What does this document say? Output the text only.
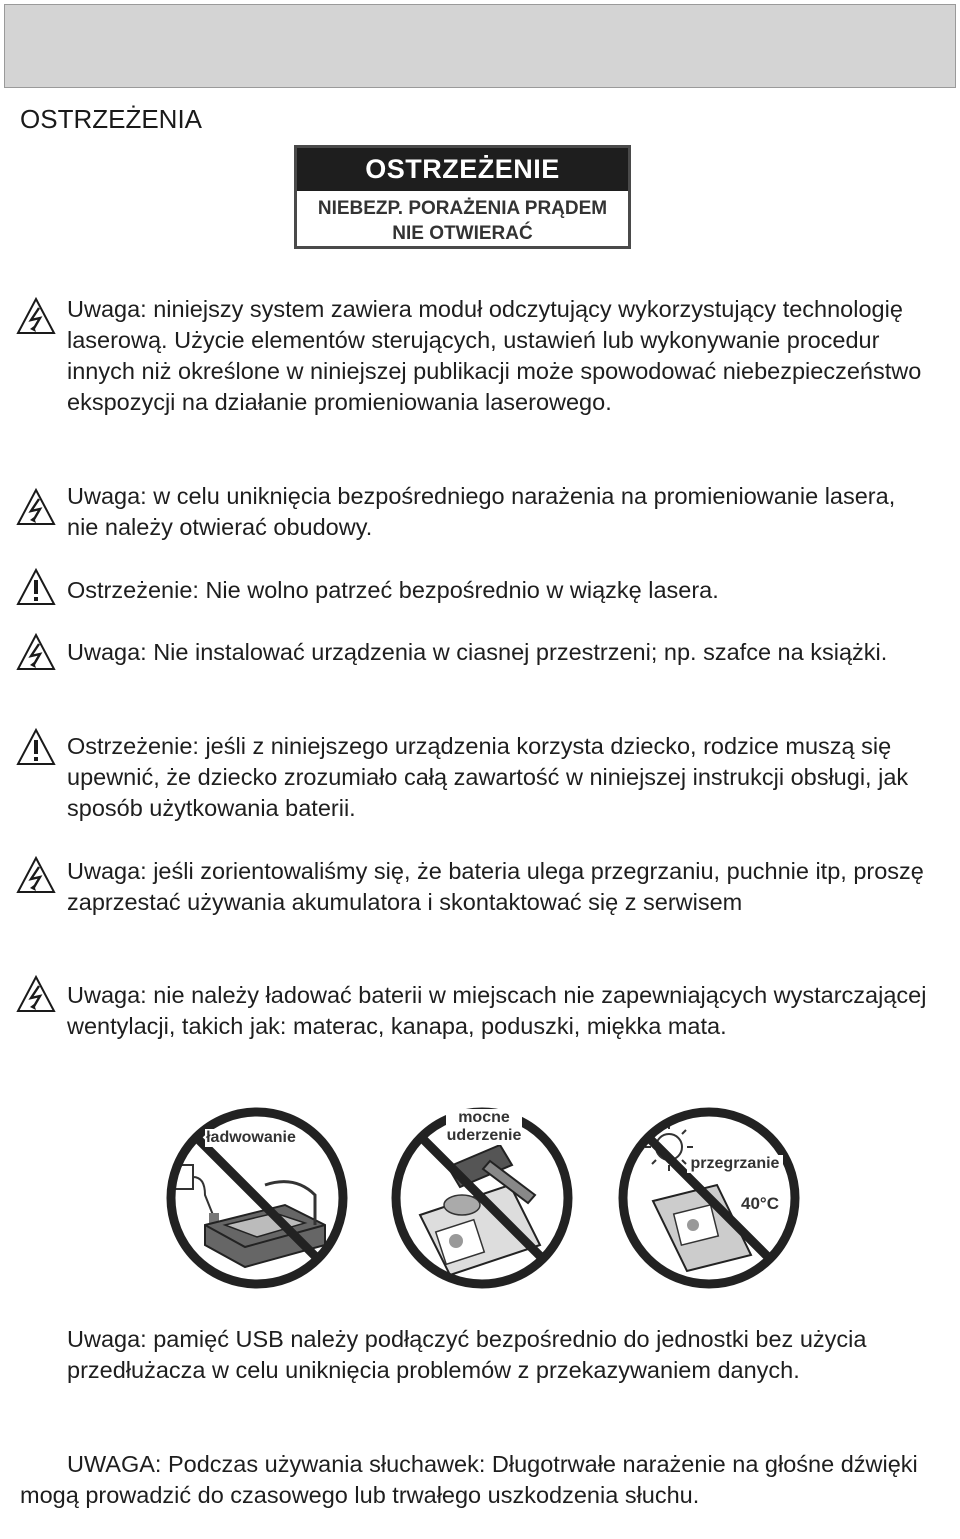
OSTRZEŻENIA
OSTRZEŻENIE
NIEBEZP. PORAŻENIA PRĄDEM
NIE OTWIERAĆ
Uwaga: niniejszy system zawiera moduł odczytujący wykorzystujący technologię laserową. Użycie elementów sterujących, ustawień lub wykonywanie procedur innych niż określone w niniejszej publikacji może spowodować niebezpieczeństwo ekspozycji na działanie promieniowania laserowego.
Uwaga: w celu uniknięcia bezpośredniego narażenia na promieniowanie lasera, nie należy otwierać obudowy.
Ostrzeżenie: Nie wolno patrzeć bezpośrednio w wiązkę lasera.
Uwaga: Nie instalować urządzenia w ciasnej przestrzeni; np. szafce na książki.
Ostrzeżenie: jeśli z niniejszego urządzenia korzysta dziecko, rodzice muszą się upewnić, że dziecko zrozumiało całą zawartość w niniejszej instrukcji obsługi, jak sposób użytkowania baterii.
Uwaga: jeśli zorientowaliśmy się, że bateria ulega przegrzaniu, puchnie itp, proszę zaprzestać używania akumulatora i skontaktować się z serwisem
Uwaga: nie należy ładować baterii w miejscach nie zapewniających wystarczającej wentylacji, takich jak: materac, kanapa, poduszki, miękka mata.
ładwowanie
mocne
uderzenie
przegrzanie
40°C
Uwaga: pamięć USB należy podłączyć bezpośrednio do jednostki bez użycia przedłużacza w celu uniknięcia problemów z przekazywaniem danych.
UWAGA: Podczas używania słuchawek: Długotrwałe narażenie na głośne dźwięki mogą prowadzić do czasowego lub trwałego uszkodzenia słuchu.
